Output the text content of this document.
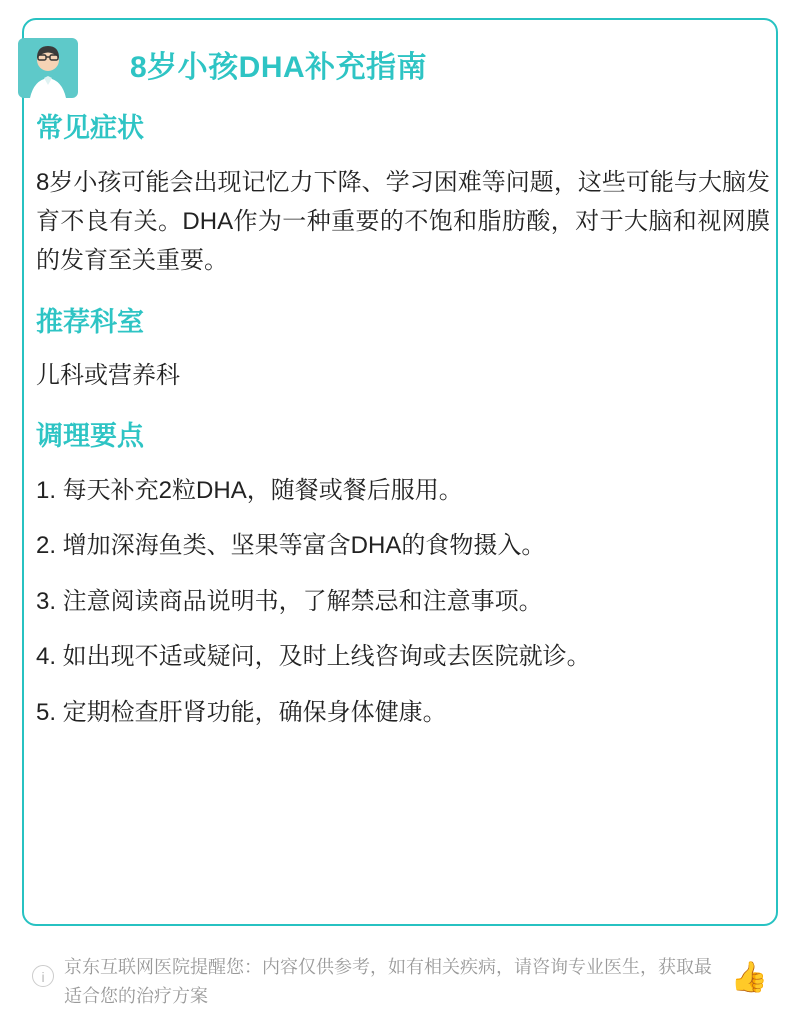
8岁小孩DHA补充指南
常见症状

8岁小孩可能会出现记忆力下降、学习困难等问题，这些可能与大脑发育不良有关。DHA作为一种重要的不饱和脂肪酸，对于大脑和视网膜的发育至关重要。

推荐科室

儿科或营养科

调理要点
1. 每天补充2粒DHA，随餐或餐后服用。
2. 增加深海鱼类、坚果等富含DHA的食物摄入。
3. 注意阅读商品说明书，了解禁忌和注意事项。
4. 如出现不适或疑问，及时上线咨询或去医院就诊。
5. 定期检查肝肾功能，确保身体健康。
i	京东互联网医院提醒您：内容仅供参考，如有相关疾病，请咨询专业医生，获取最适合您的治疗方案
👍
